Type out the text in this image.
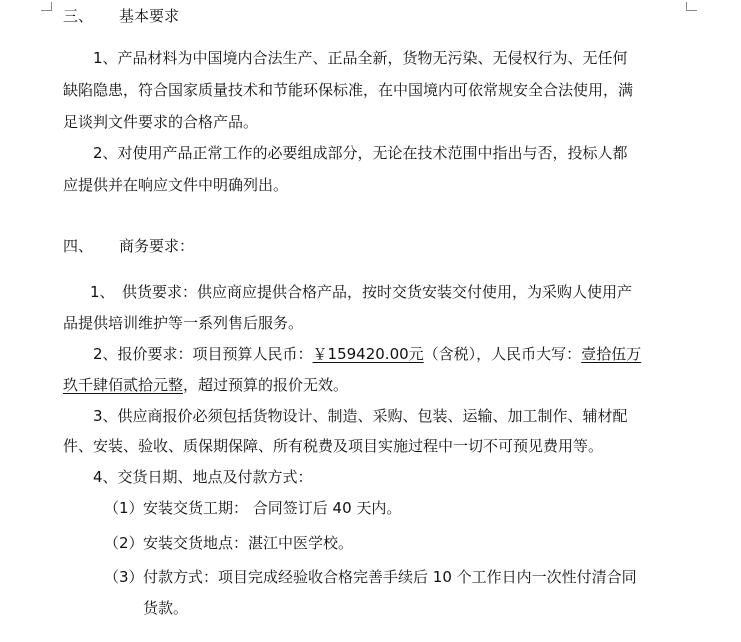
三、 基本要求
1、产品材料为中国境内合法生产、正品全新，货物无污染、无侵权行为、无任何
缺陷隐患，符合国家质量技术和节能环保标准，在中国境内可依常规安全合法使用，满
足谈判文件要求的合格产品。
2、对使用产品正常工作的必要组成部分，无论在技术范围中指出与否，投标人都
应提供并在响应文件中明确列出。
四、 商务要求：
1、 供货要求：供应商应提供合格产品，按时交货安装交付使用，为采购人使用产
品提供培训维护等一系列售后服务。
2、报价要求：项目预算人民币：￥159420.00元（含税），人民币大写：壹拾伍万
玖千肆佰贰拾元整，超过预算的报价无效。
3、供应商报价必须包括货物设计、制造、采购、包装、运输、加工制作、辅材配
件、安装、验收、质保期保障、所有税费及项目实施过程中一切不可预见费用等。
4、交货日期、地点及付款方式：
（1） 安装交货工期： 合同签订后 40 天内。
（2） 安装交货地点：湛江中医学校。
（3） 付款方式：项目完成经验收合格完善手续后 10 个工作日内一次性付清合同
货款。
